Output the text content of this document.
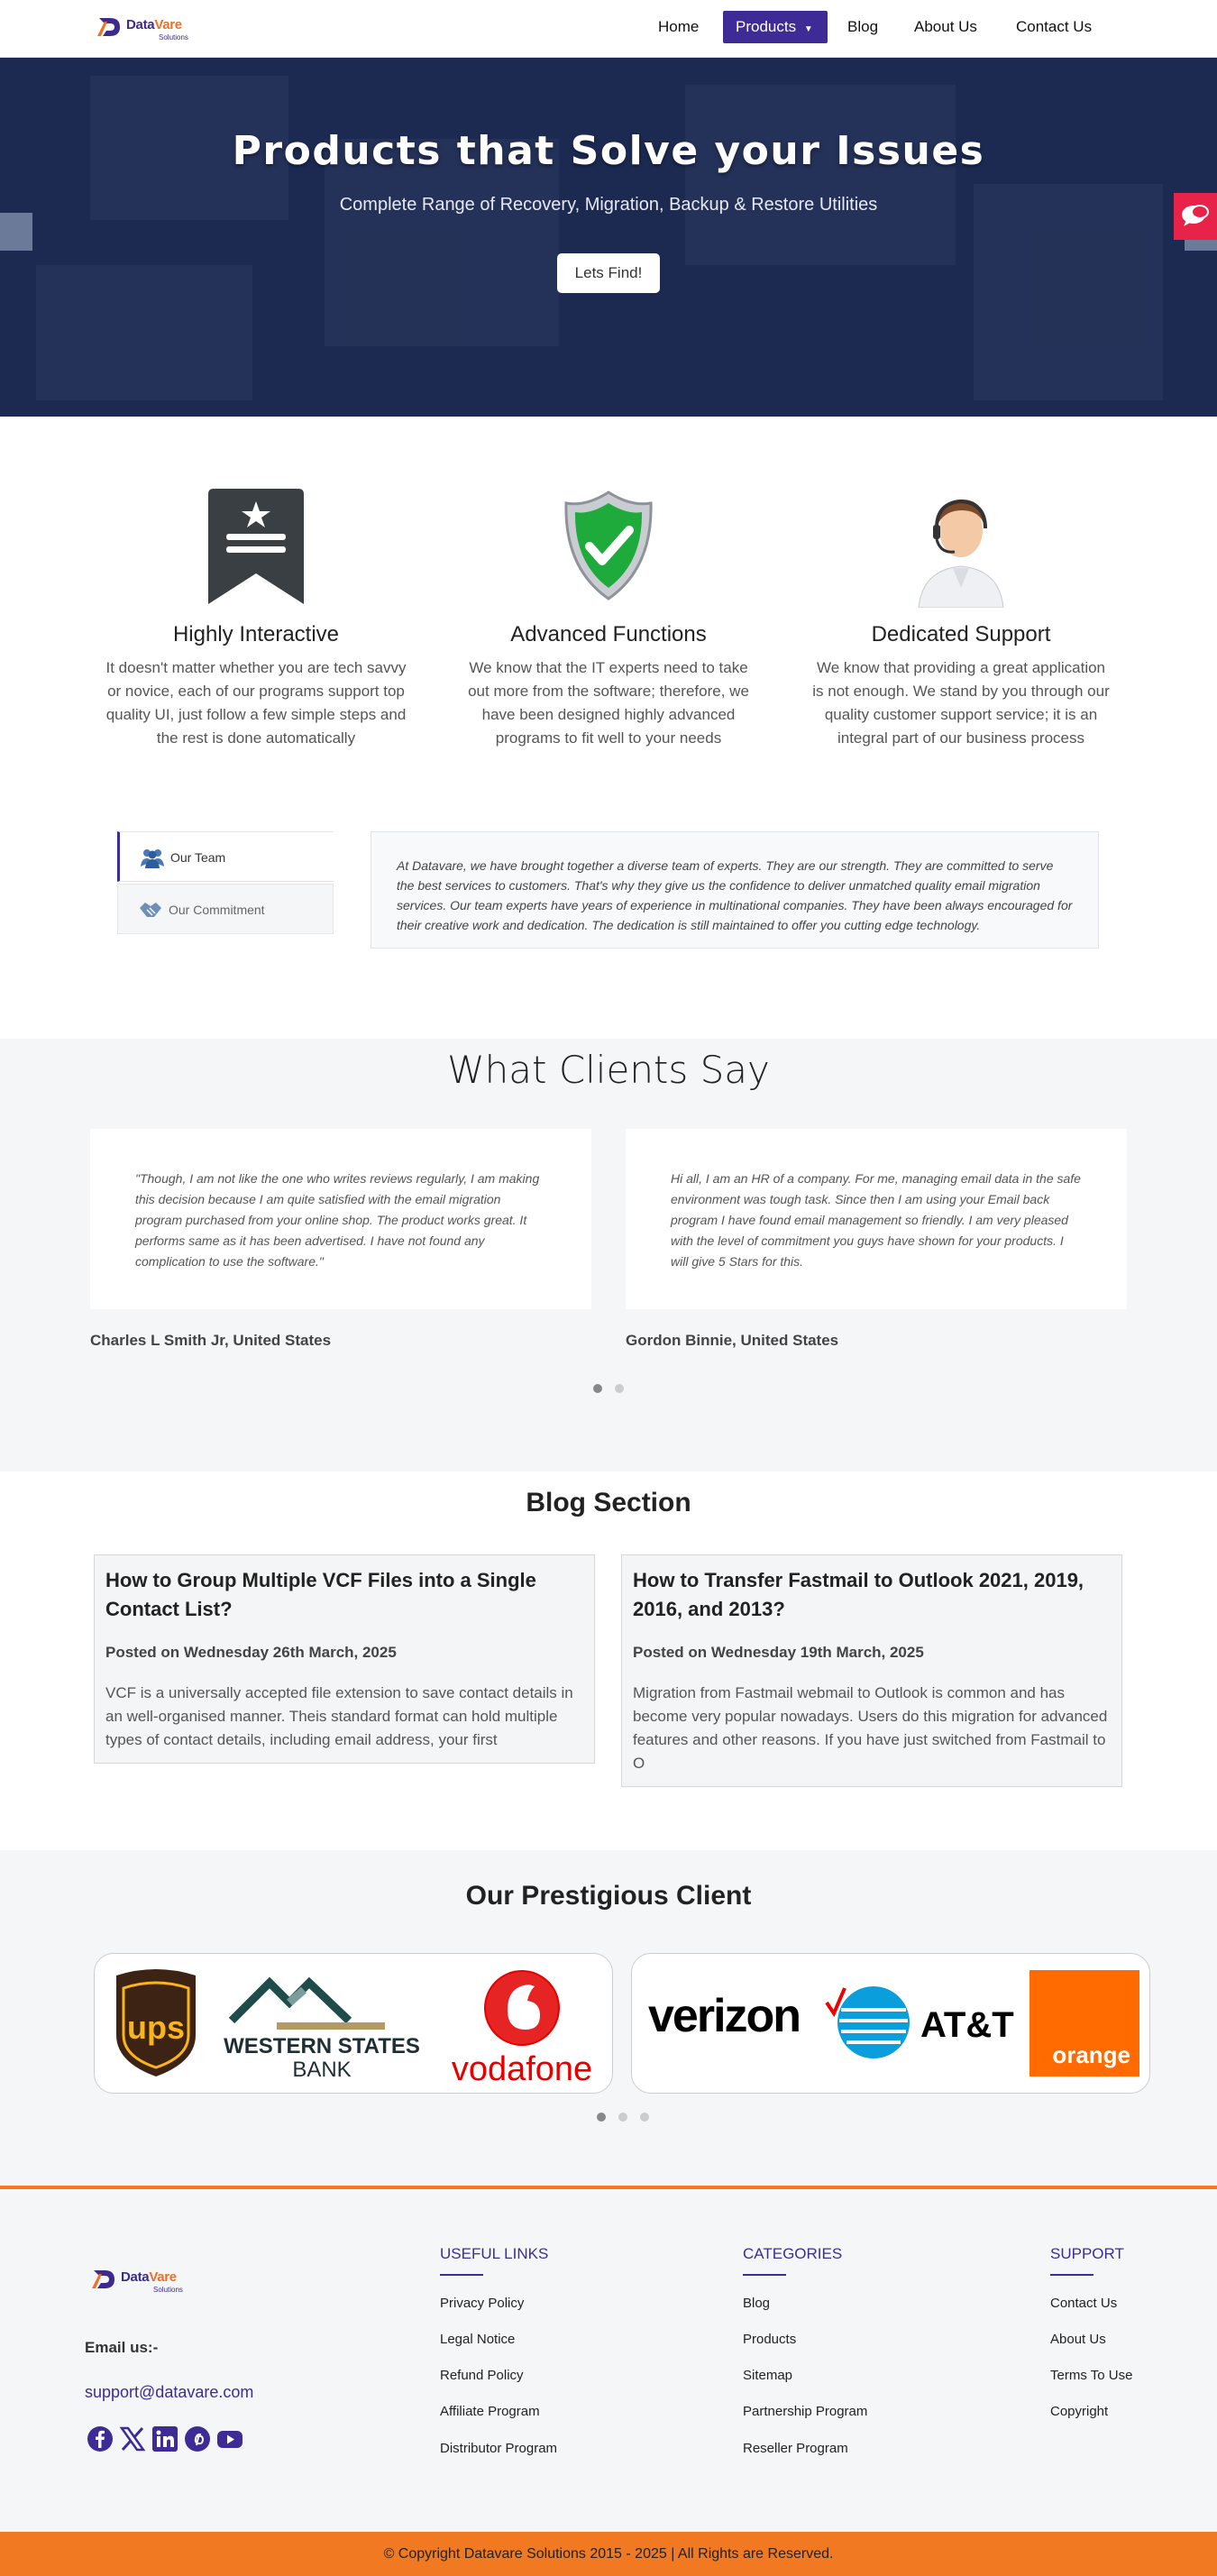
DataVare
Solutions
Home	Products ▼	Blog	About Us	Contact Us
Products that Solve your Issues
Complete Range of Recovery, Migration, Backup & Restore Utilities
Lets Find!
Highly Interactive
It doesn't matter whether you are tech savvy or novice, each of our programs support top quality UI, just follow a few simple steps and the rest is done automatically
Advanced Functions
We know that the IT experts need to take out more from the software; therefore, we have been designed highly advanced programs to fit well to your needs
Dedicated Support
We know that providing a great application is not enough. We stand by you through our quality customer support service; it is an integral part of our business process
Our Team
Our Commitment
At Datavare, we have brought together a diverse team of experts. They are our strength. They are committed to serve the best services to customers. That's why they give us the confidence to deliver unmatched quality email migration services. Our team experts have years of experience in multinational companies. They have been always encouraged for their creative work and dedication. The dedication is still maintained to offer you cutting edge technology.
What Clients Say
"Though, I am not like the one who writes reviews regularly, I am making this decision because I am quite satisfied with the email migration program purchased from your online shop. The product works great. It performs same as it has been advertised. I have not found any complication to use the software."
Hi all, I am an HR of a company. For me, managing email data in the safe environment was tough task. Since then I am using your Email back program I have found email management so friendly. I am very pleased with the level of commitment you guys have shown for your products. I will give 5 Stars for this.
Charles L Smith Jr, United States	Gordon Binnie, United States
Blog Section
How to Group Multiple VCF Files into a Single Contact List?
Posted on Wednesday 26th March, 2025
VCF is a universally accepted file extension to save contact details in an well-organised manner. Theis standard format can hold multiple types of contact details, including email address, your first
How to Transfer Fastmail to Outlook 2021, 2019, 2016, and 2013?
Posted on Wednesday 19th March, 2025
Migration from Fastmail webmail to Outlook is common and has become very popular nowadays. Users do this migration for advanced features and other reasons. If you have just switched from Fastmail to O
Our Prestigious Client
ups
WESTERN STATES
BANK	vodafone
verizon	AT&T
orange
DataVare
Solutions
Email us:-
support@datavare.com
USEFUL LINKS
Privacy Policy
Legal Notice
Refund Policy
Affiliate Program
Distributor Program
CATEGORIES
Blog
Products
Sitemap
Partnership Program
Reseller Program
SUPPORT
Contact Us
About Us
Terms To Use
Copyright
© Copyright Datavare Solutions 2015 - 2025 | All Rights are Reserved.
